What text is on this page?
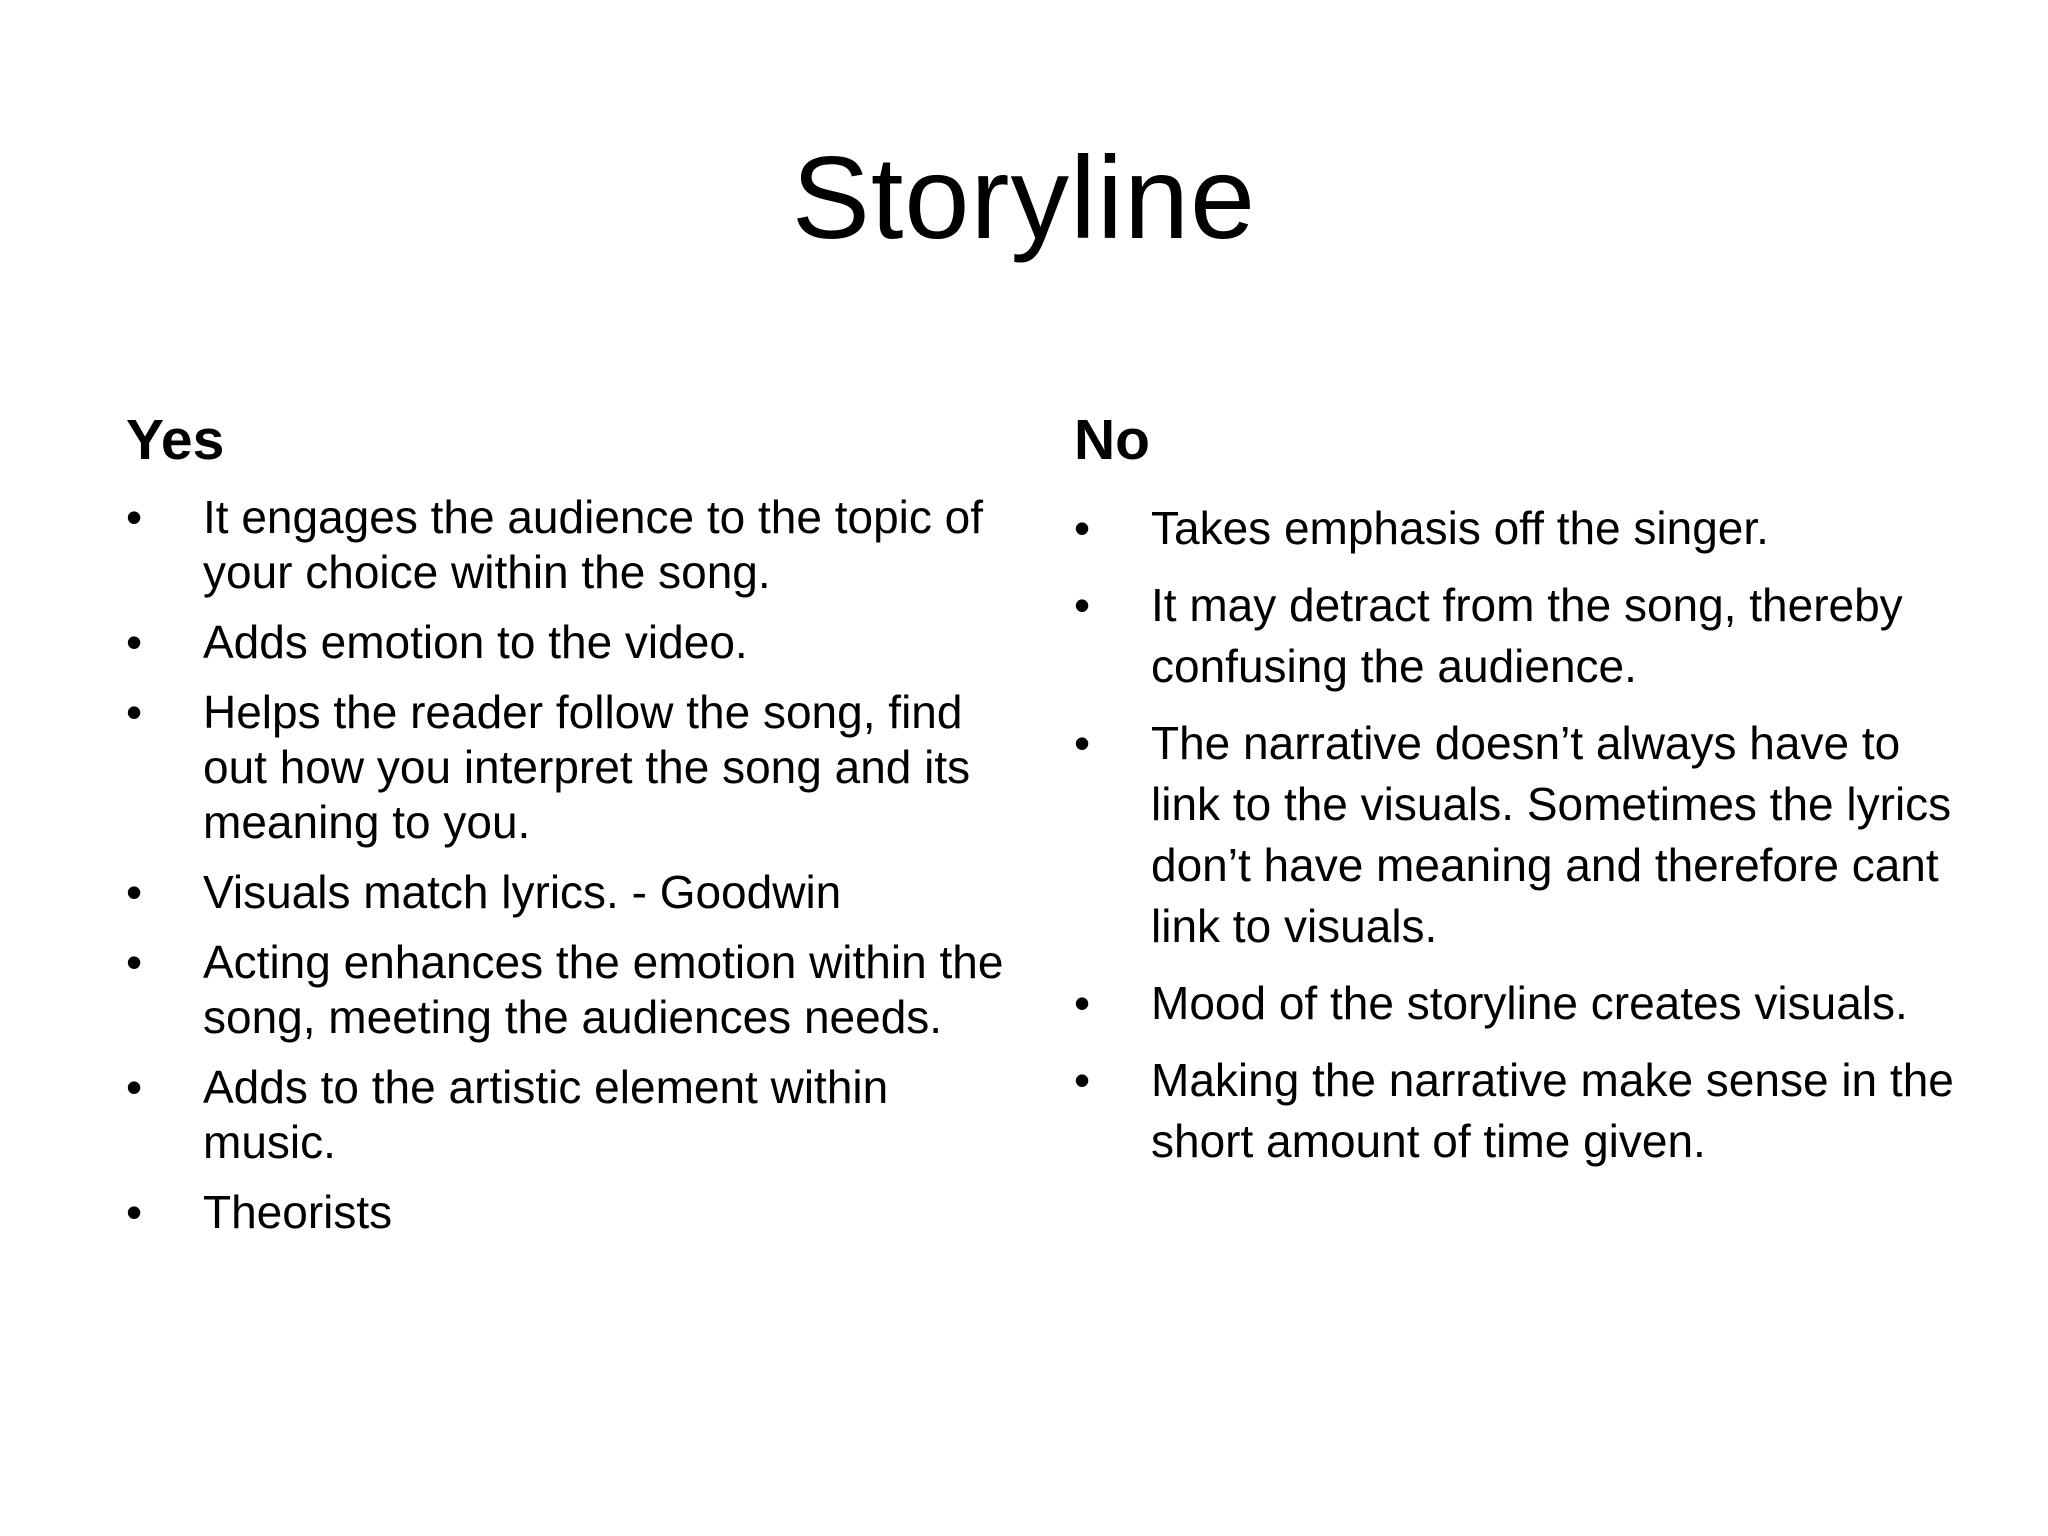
Storyline
Yes
•	It engages the audience to the topic of your choice within the song.
•	Adds emotion to the video.
•	Helps the reader follow the song, find out how you interpret the song and its meaning to you.
•	Visuals match lyrics. - Goodwin
•	Acting enhances the emotion within the song, meeting the audiences needs.
•	Adds to the artistic element within music.
•	Theorists
No
•	Takes emphasis off the singer.
•	It may detract from the song, thereby confusing the audience.
•	The narrative doesn’t always have to link to the visuals. Sometimes the lyrics don’t have meaning and therefore cant link to visuals.
•	Mood of the storyline creates visuals.
•	Making the narrative make sense in the short amount of time given.
